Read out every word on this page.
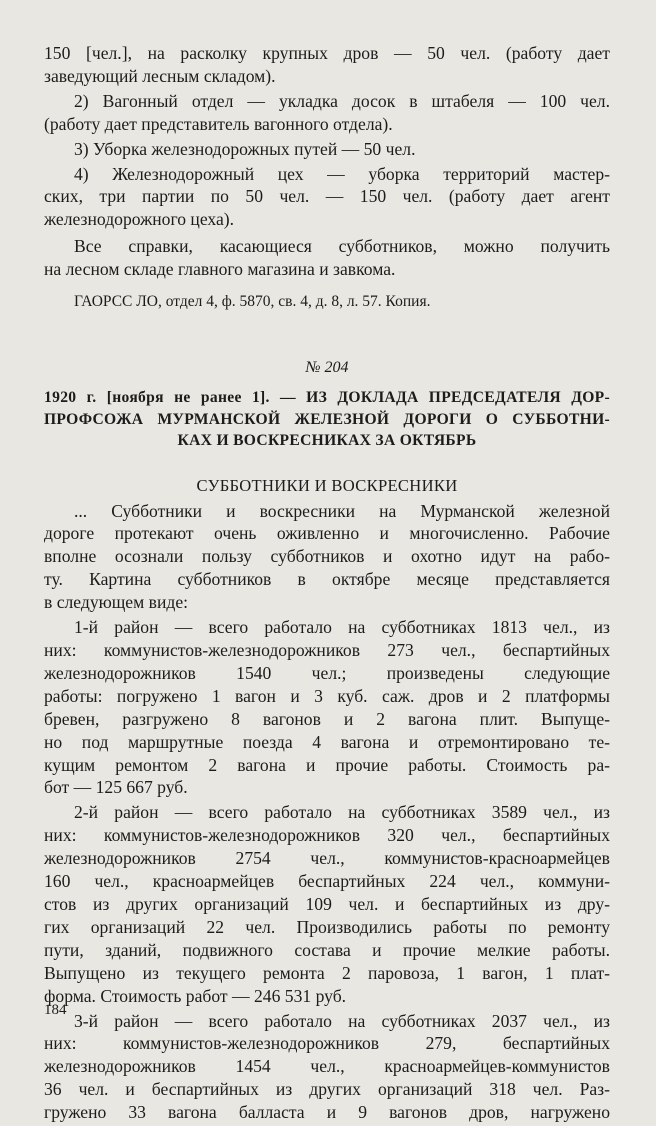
150 [чел.], на расколку крупных дров — 50 чел. (работу дает
заведующий лесным складом).
2) Вагонный отдел — укладка досок в штабеля — 100 чел.
(работу дает представитель вагонного отдела).
3) Уборка железнодорожных путей — 50 чел.
4) Железнодорожный цех — уборка территорий мастер-
ских, три партии по 50 чел. — 150 чел. (работу дает агент
железнодорожного цеха).
Все справки, касающиеся субботников, можно получить
на лесном складе главного магазина и завкома.
ГАОРСС ЛО, отдел 4, ф. 5870, св. 4, д. 8, л. 57. Копия.
№ 204
1920 г. [ноября не ранее 1]. — ИЗ ДОКЛАДА ПРЕДСЕДАТЕЛЯ ДОР-
ПРОФСОЖА МУРМАНСКОЙ ЖЕЛЕЗНОЙ ДОРОГИ О СУББОТНИ-
КАХ И ВОСКРЕСНИКАХ ЗА ОКТЯБРЬ
СУББОТНИКИ И ВОСКРЕСНИКИ
... Субботники и воскресники на Мурманской железной
дороге протекают очень оживленно и многочисленно. Рабочие
вполне осознали пользу субботников и охотно идут на рабо-
ту. Картина субботников в октябре месяце представляется
в следующем виде:
1-й район — всего работало на субботниках 1813 чел., из
них: коммунистов-железнодорожников 273 чел., беспартийных
железнодорожников 1540 чел.; произведены следующие
работы: погружено 1 вагон и 3 куб. саж. дров и 2 платформы
бревен, разгружено 8 вагонов и 2 вагона плит. Выпуще-
но под маршрутные поезда 4 вагона и отремонтировано те-
кущим ремонтом 2 вагона и прочие работы. Стоимость ра-
бот — 125 667 руб.
2-й район — всего работало на субботниках 3589 чел., из
них: коммунистов-железнодорожников 320 чел., беспартийных
железнодорожников 2754 чел., коммунистов-красноармейцев
160 чел., красноармейцев беспартийных 224 чел., коммуни-
стов из других организаций 109 чел. и беспартийных из дру-
гих организаций 22 чел. Производились работы по ремонту
пути, зданий, подвижного состава и прочие мелкие работы.
Выпущено из текущего ремонта 2 паровоза, 1 вагон, 1 плат-
форма. Стоимость работ — 246 531 руб.
3-й район — всего работало на субботниках 2037 чел., из
них: коммунистов-железнодорожников 279, беспартийных
железнодорожников 1454 чел., красноармейцев-коммунистов
36 чел. и беспартийных из других организаций 318 чел. Раз-
гружено 33 вагона балласта и 9 вагонов дров, нагружено
184
